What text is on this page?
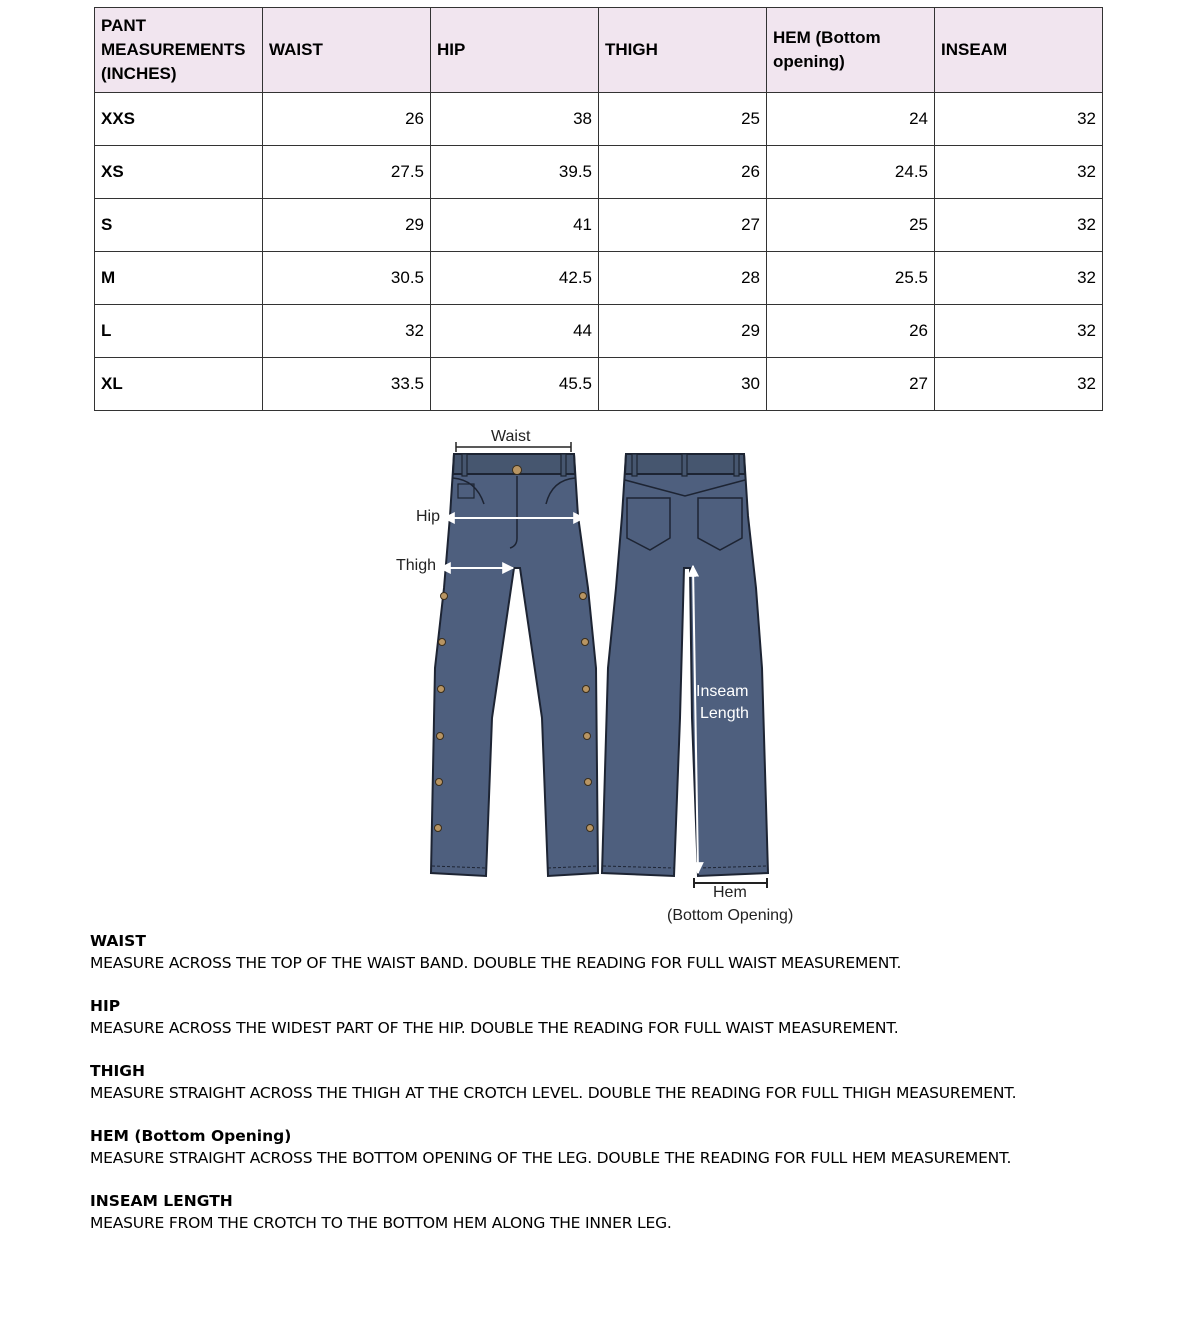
PANT MEASUREMENTS (INCHES)	WAIST	HIP	THIGH	HEM (Bottom opening)	INSEAM
XXS	26	38	25	24	32
XS	27.5	39.5	26	24.5	32
S	29	41	27	25	32
M	30.5	42.5	28	25.5	32
L	32	44	29	26	32
XL	33.5	45.5	30	27	32
Waist
Hip
Thigh
Inseam
Length
Hem
(Bottom Opening)
WAIST
MEASURE ACROSS THE TOP OF THE WAIST BAND. DOUBLE THE READING FOR FULL WAIST MEASUREMENT.
HIP
MEASURE ACROSS THE WIDEST PART OF THE HIP. DOUBLE THE READING FOR FULL WAIST MEASUREMENT.
THIGH
MEASURE STRAIGHT ACROSS THE THIGH AT THE CROTCH LEVEL. DOUBLE THE READING FOR FULL THIGH MEASUREMENT.
HEM (Bottom Opening)
MEASURE STRAIGHT ACROSS THE BOTTOM OPENING OF THE LEG. DOUBLE THE READING FOR FULL HEM MEASUREMENT.
INSEAM LENGTH
MEASURE FROM THE CROTCH TO THE BOTTOM HEM ALONG THE INNER LEG.
